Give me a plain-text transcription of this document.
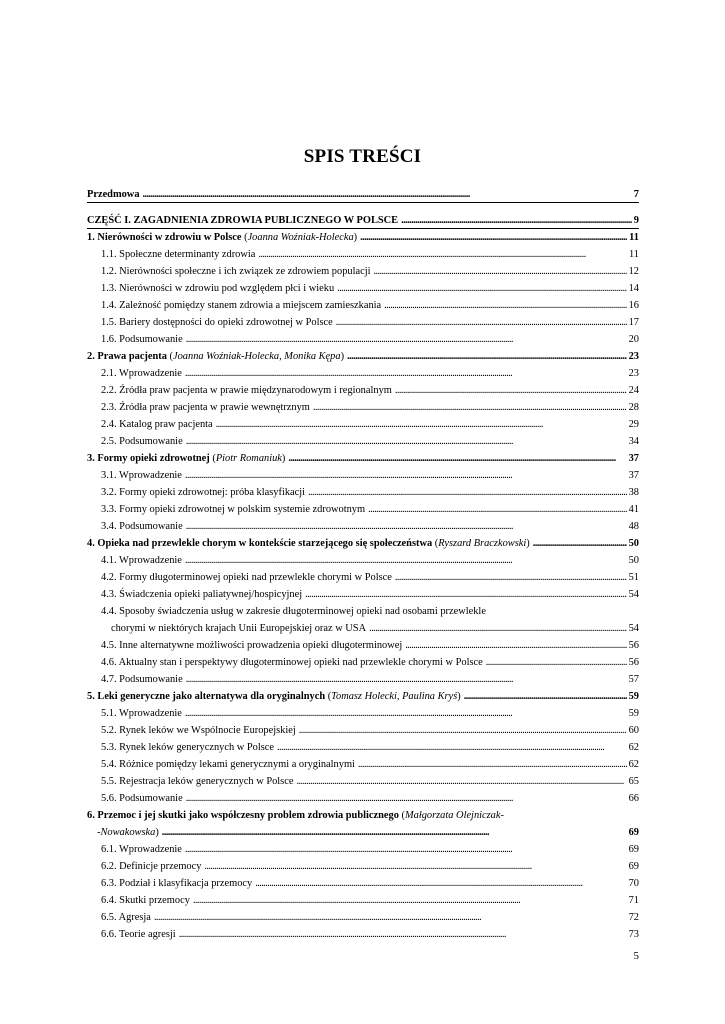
SPIS TREŚCI
Przedmowa . . .	7
CZĘŚĆ I. ZAGADNIENIA ZDROWIA PUBLICZNEGO W POLSCE . . .	9
1. Nierówności w zdrowiu w Polsce (Joanna Woźniak-Holecka) . . .	11
1.1. Społeczne determinanty zdrowia . . .	11
1.2. Nierówności społeczne i ich związek ze zdrowiem populacji . . .	12
1.3. Nierówności w zdrowiu pod względem płci i wieku . . .	14
1.4. Zależność pomiędzy stanem zdrowia a miejscem zamieszkania . . .	16
1.5. Bariery dostępności do opieki zdrowotnej w Polsce . . .	17
1.6. Podsumowanie . . .	20
2. Prawa pacjenta (Joanna Woźniak-Holecka, Monika Kępa) . . .	23
2.1. Wprowadzenie . . .	23
2.2. Źródła praw pacjenta w prawie międzynarodowym i regionalnym . . .	24
2.3. Źródła praw pacjenta w prawie wewnętrznym . . .	28
2.4. Katalog praw pacjenta . . .	29
2.5. Podsumowanie . . .	34
3. Formy opieki zdrowotnej (Piotr Romaniuk) . . .	37
3.1. Wprowadzenie . . .	37
3.2. Formy opieki zdrowotnej: próba klasyfikacji . . .	38
3.3. Formy opieki zdrowotnej w polskim systemie zdrowotnym . . .	41
3.4. Podsumowanie . . .	48
4. Opieka nad przewlekle chorym w kontekście starzejącego się społeczeństwa (Ryszard Braczkowski) . . .	50
4.1. Wprowadzenie . . .	50
4.2. Formy długoterminowej opieki nad przewlekle chorymi w Polsce . . .	51
4.3. Świadczenia opieki paliatywnej/hospicyjnej . . .	54
4.4. Sposoby świadczenia usług w zakresie długoterminowej opieki nad osobami przewlekle
chorymi w niektórych krajach Unii Europejskiej oraz w USA . . .	54
4.5. Inne alternatywne możliwości prowadzenia opieki długoterminowej . . .	56
4.6. Aktualny stan i perspektywy długoterminowej opieki nad przewlekle chorymi w Polsce . . .	56
4.7. Podsumowanie . . .	57
5. Leki generyczne jako alternatywa dla oryginalnych (Tomasz Holecki, Paulina Kryś) . . .	59
5.1. Wprowadzenie . . .	59
5.2. Rynek leków we Wspólnocie Europejskiej . . .	60
5.3. Rynek leków generycznych w Polsce . . .	62
5.4. Różnice pomiędzy lekami generycznymi a oryginalnymi . . .	62
5.5. Rejestracja leków generycznych w Polsce . . .	65
5.6. Podsumowanie . . .	66
6. Przemoc i jej skutki jako współczesny problem zdrowia publicznego (Małgorzata Olejniczak-
-Nowakowska) . . .	69
6.1. Wprowadzenie . . .	69
6.2. Definicje przemocy . . .	69
6.3. Podział i klasyfikacja przemocy . . .	70
6.4. Skutki przemocy . . .	71
6.5. Agresja . . .	72
6.6. Teorie agresji . . .	73
5
